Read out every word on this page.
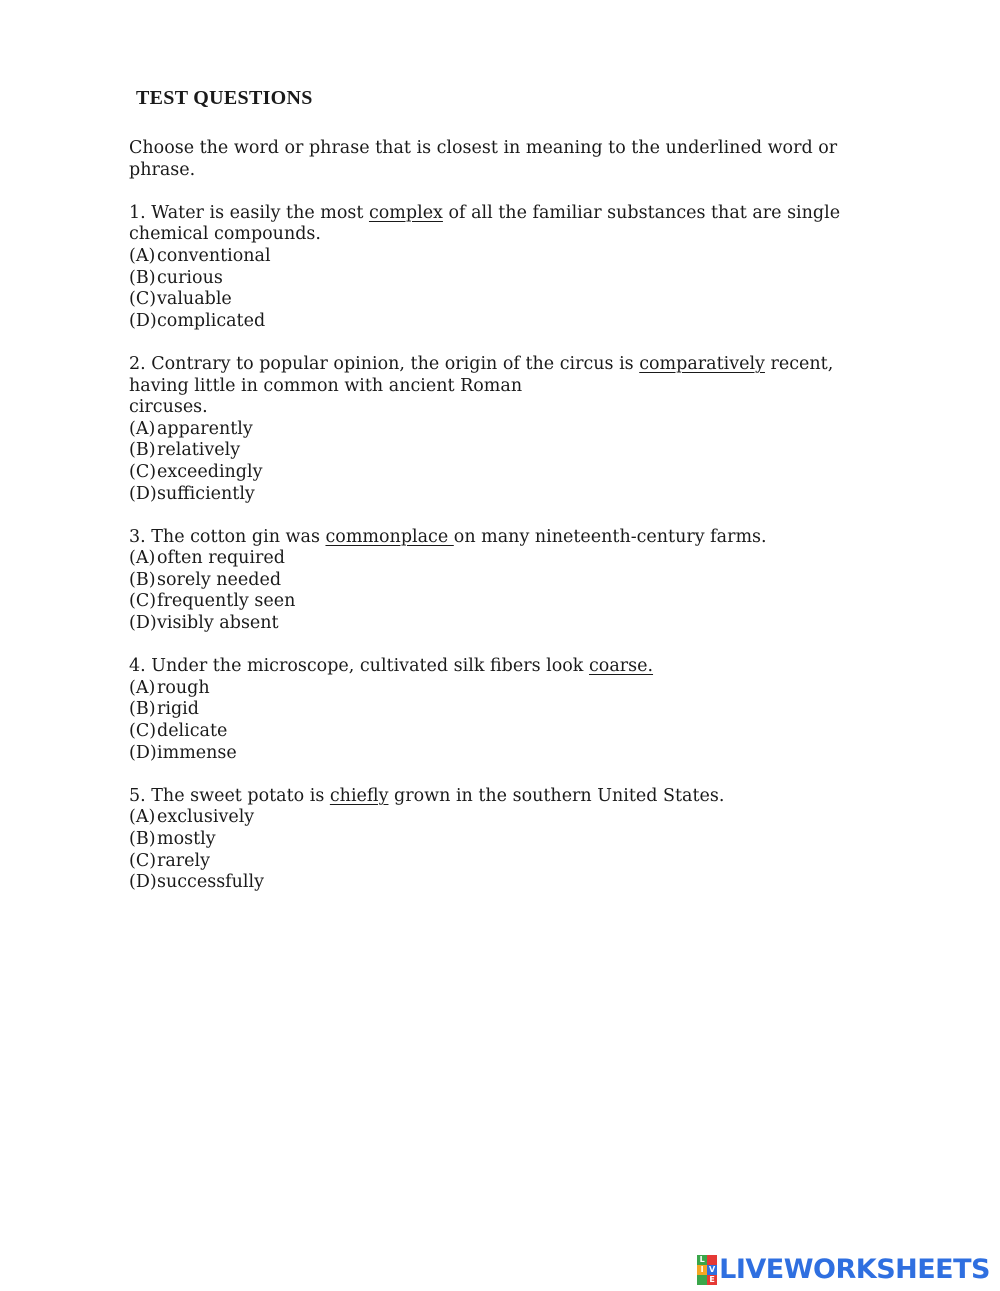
TEST QUESTIONS

Choose the word or phrase that is closest in meaning to the underlined word or phrase.

1. Water is easily the most complex of all the familiar substances that are single chemical compounds.
(A) conventional
(B) curious
(C) valuable
(D) complicated
2. Contrary to popular opinion, the origin of the circus is comparatively recent, having little in common with ancient Roman
circuses.
(A) apparently
(B) relatively
(C) exceedingly
(D) sufficiently
3. The cotton gin was commonplace on many nineteenth-century farms.
(A) often required
(B) sorely needed
(C) frequently seen
(D) visibly absent
4. Under the microscope, cultivated silk fibers look coarse.
(A) rough
(B) rigid
(C) delicate
(D) immense
5. The sweet potato is chiefly grown in the southern United States.
(A) exclusively
(B) mostly
(C) rarely
(D) successfully
L
I V
E LIVEWORKSHEETS
